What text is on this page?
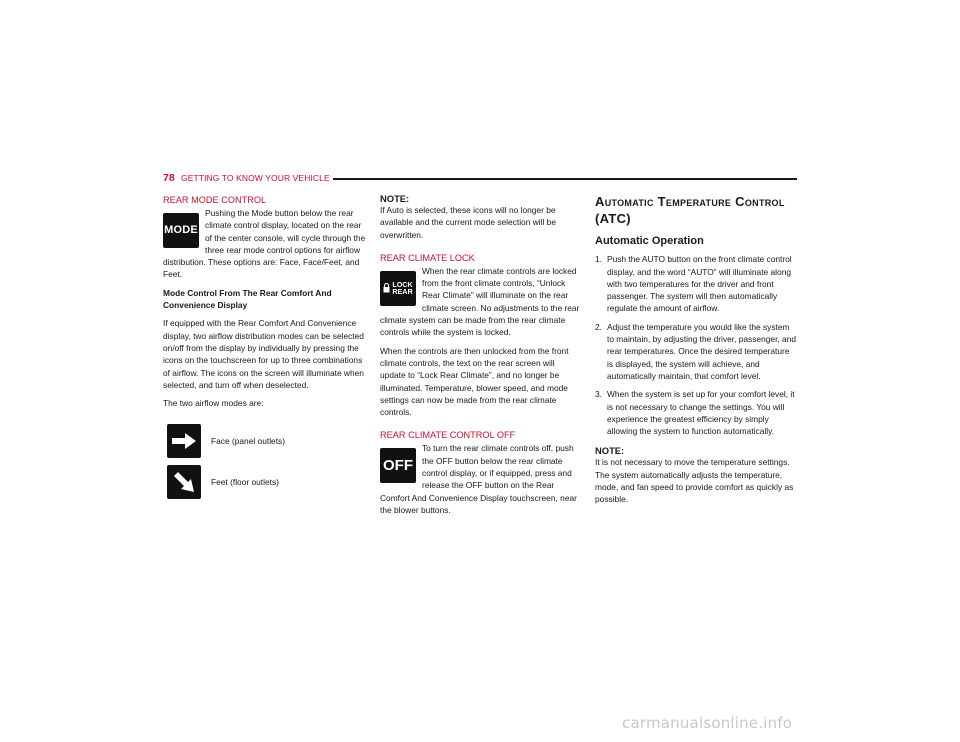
78 GETTING TO KNOW YOUR VEHICLE
REAR MODE CONTROL
MODE

Pushing the Mode button below the rear climate control display, located on the rear of the center console, will cycle through the three rear mode control options for airflow distribution. These options are: Face, Face/Feet, and Feet.

Mode Control From The Rear Comfort And Convenience Display

If equipped with the Rear Comfort And Convenience display, two airflow distribution modes can be selected on/off from the display by individually by pressing the icons on the touchscreen for up to three combinations of airflow. The icons on the screen will illuminate when selected, and turn off when deselected.

The two airflow modes are:

Face (panel outlets)
Feet (floor outlets)

NOTE:

If Auto is selected, these icons will no longer be available and the current mode selection will be overwritten.

REAR CLIMATE LOCK
LOCK
REAR

When the rear climate controls are locked from the front climate controls, “Unlock Rear Climate” will illuminate on the rear climate screen. No adjustments to the rear climate system can be made from the rear climate controls while the system is locked.

When the controls are then unlocked from the front climate controls, the text on the rear screen will update to “Lock Rear Climate”, and no longer be illuminated. Temperature, blower speed, and mode settings can now be made from the rear climate controls.

REAR CLIMATE CONTROL OFF
OFF

To turn the rear climate controls off, push the OFF button below the rear climate control display, or if equipped, press and release the OFF button on the Rear Comfort And Convenience Display touchscreen, near the blower buttons.

Automatic Temperature Control (ATC)
Automatic Operation
1. Push the AUTO button on the front climate control display, and the word “AUTO” will illuminate along with two temperatures for the driver and front passenger. The system will then automatically regulate the amount of airflow.
2. Adjust the temperature you would like the system to maintain, by adjusting the driver, passenger, and rear temperatures. Once the desired temperature is displayed, the system will achieve, and automatically maintain, that comfort level.
3. When the system is set up for your comfort level, it is not necessary to change the settings. You will experience the greatest efficiency by simply allowing the system to function automatically.

NOTE:

It is not necessary to move the temperature settings. The system automatically adjusts the temperature, mode, and fan speed to provide comfort as quickly as possible.

carmanualsonline.info
